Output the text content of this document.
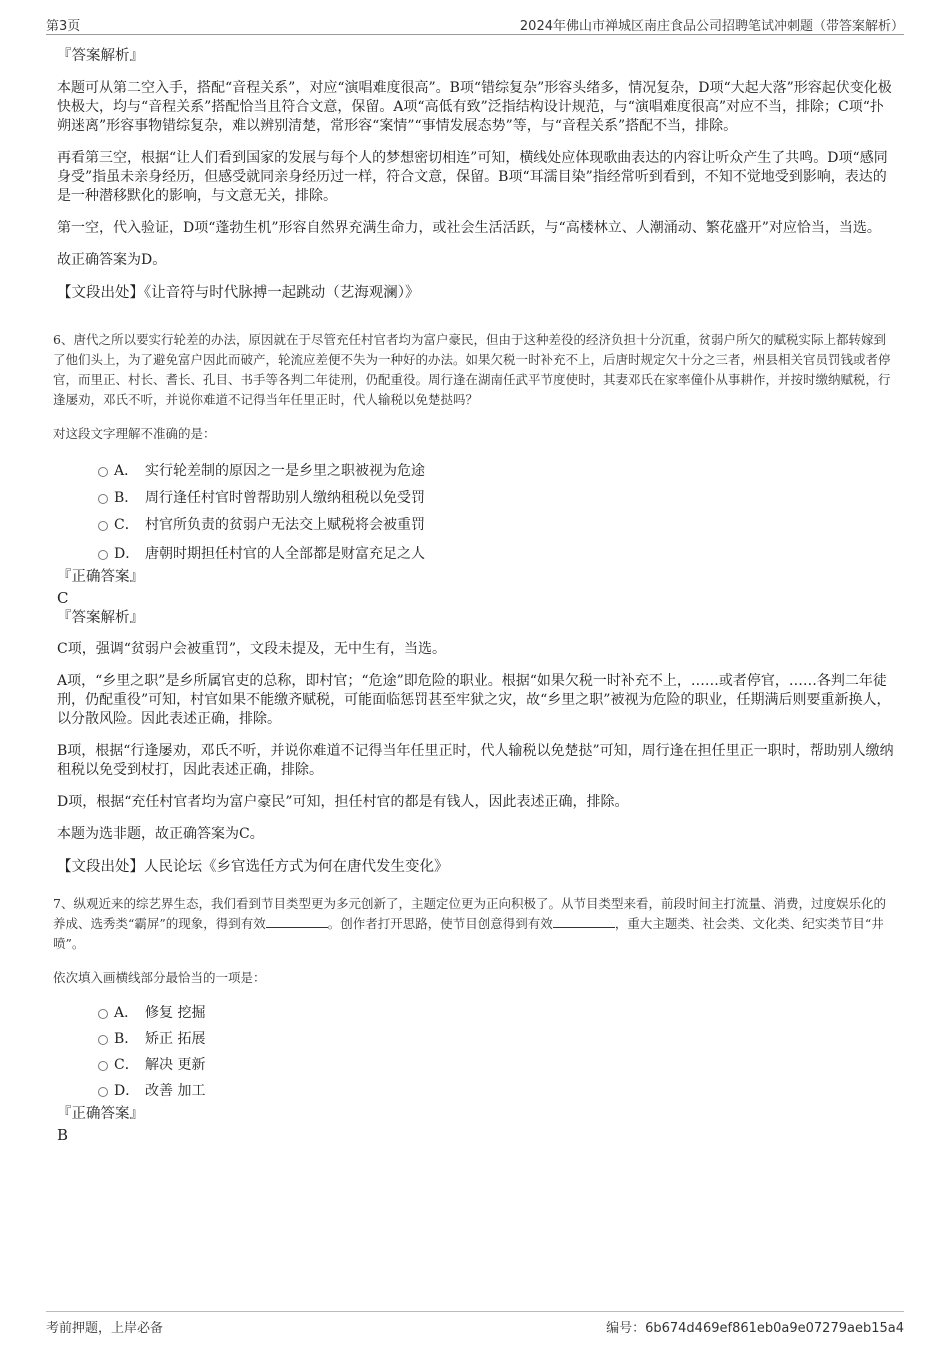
第3页	2024年佛山市禅城区南庄食品公司招聘笔试冲刺题（带答案解析）
『答案解析』

本题可从第二空入手，搭配“音程关系”，对应“演唱难度很高”。B项“错综复杂”形容头绪多，情况复杂，D项“大起大落”形容起伏变化极快极大，均与“音程关系”搭配恰当且符合文意，保留。A项“高低有致”泛指结构设计规范，与“演唱难度很高”对应不当，排除；C项“扑朔迷离”形容事物错综复杂，难以辨别清楚，常形容“案情”“事情发展态势”等，与“音程关系”搭配不当，排除。

再看第三空，根据“让人们看到国家的发展与每个人的梦想密切相连”可知，横线处应体现歌曲表达的内容让听众产生了共鸣。D项“感同身受”指虽未亲身经历，但感受就同亲身经历过一样，符合文意，保留。B项“耳濡目染”指经常听到看到，不知不觉地受到影响，表达的是一种潜移默化的影响，与文意无关，排除。

第一空，代入验证，D项“蓬勃生机”形容自然界充满生命力，或社会生活活跃，与“高楼林立、人潮涌动、繁花盛开”对应恰当，当选。

故正确答案为D。

【文段出处】《让音符与时代脉搏一起跳动（艺海观澜）》
6、唐代之所以要实行轮差的办法，原因就在于尽管充任村官者均为富户豪民，但由于这种差役的经济负担十分沉重，贫弱户所欠的赋税实际上都转嫁到了他们头上，为了避免富户因此而破产，轮流应差便不失为一种好的办法。如果欠税一时补充不上，后唐时规定欠十分之三者，州县相关官员罚钱或者停官，而里正、村长、耆长、孔目、书手等各判二年徒刑，仍配重役。周行逢在湖南任武平节度使时，其妻邓氏在家率僮仆从事耕作，并按时缴纳赋税，行逢屡劝，邓氏不听，并说你难道不记得当年任里正时，代人输税以免楚挞吗？
对这段文字理解不准确的是：
A． 实行轮差制的原因之一是乡里之职被视为危途
B． 周行逢任村官时曾帮助别人缴纳租税以免受罚
C． 村官所负责的贫弱户无法交上赋税将会被重罚
D． 唐朝时期担任村官的人全部都是财富充足之人
『正确答案』
C
『答案解析』

C项，强调“贫弱户会被重罚”，文段未提及，无中生有，当选。

A项，“乡里之职”是乡所属官吏的总称，即村官；“危途”即危险的职业。根据“如果欠税一时补充不上，……或者停官，……各判二年徒刑，仍配重役”可知，村官如果不能缴齐赋税，可能面临惩罚甚至牢狱之灾，故“乡里之职”被视为危险的职业，任期满后则要重新换人，以分散风险。因此表述正确，排除。

B项，根据“行逢屡劝，邓氏不听，并说你难道不记得当年任里正时，代人输税以免楚挞”可知，周行逢在担任里正一职时，帮助别人缴纳租税以免受到杖打，因此表述正确，排除。

D项，根据“充任村官者均为富户豪民”可知，担任村官的都是有钱人，因此表述正确，排除。

本题为选非题，故正确答案为C。

【文段出处】人民论坛《乡官选任方式为何在唐代发生变化》
7、纵观近来的综艺界生态，我们看到节目类型更为多元创新了，主题定位更为正向积极了。从节目类型来看，前段时间主打流量、消费，过度娱乐化的养成、选秀类“霸屏”的现象，得到有效	。创作者打开思路，使节目创意得到有效	，重大主题类、社会类、文化类、纪实类节目“井喷”。
依次填入画横线部分最恰当的一项是：
A． 修复 挖掘
B． 矫正 拓展
C． 解决 更新
D． 改善 加工
『正确答案』
B
考前押题，上岸必备	编号：6b674d469ef861eb0a9e07279aeb15a4
